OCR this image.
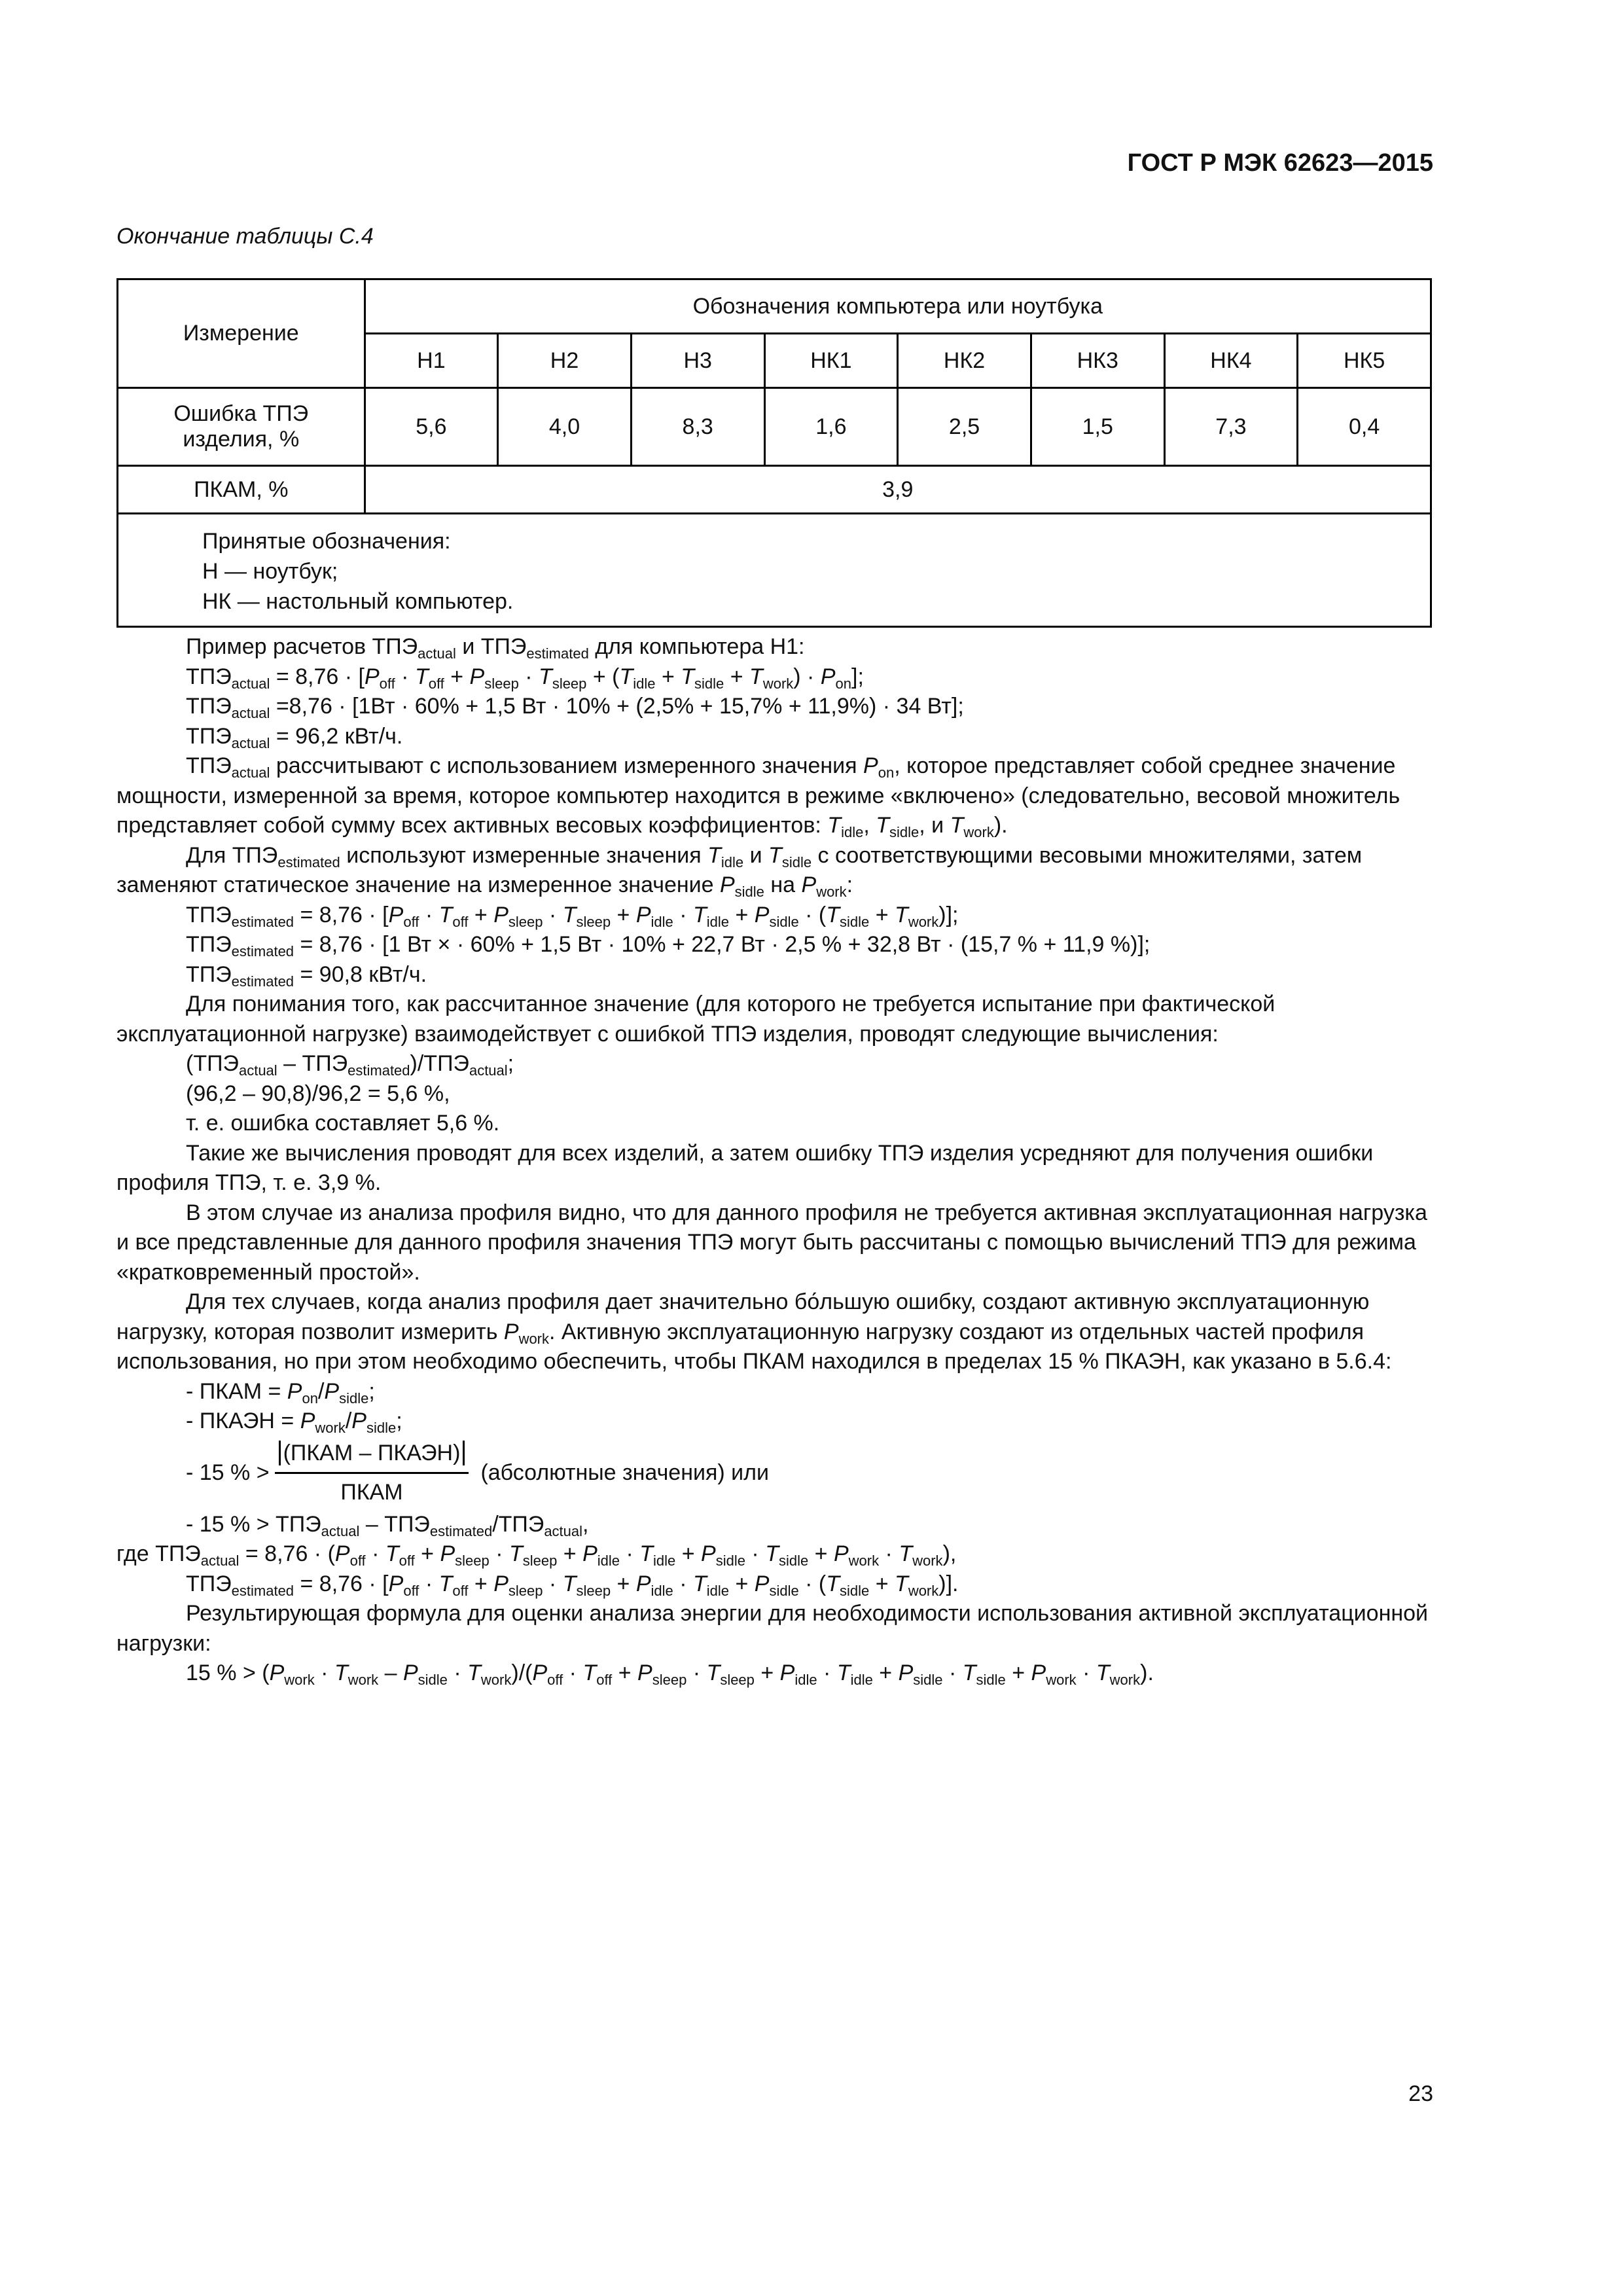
ГОСТ Р МЭК 62623—2015
Окончание таблицы С.4
Измерение	Обозначения компьютера или ноутбука							
	Н1	Н2	Н3	НК1	НК2	НК3	НК4	НК5
Ошибка ТПЭ
изделия, %	5,6	4,0	8,3	1,6	2,5	1,5	7,3	0,4
ПКАМ, %	3,9							

Принятые обозначения:
Н — ноутбук;
НК — настольный компьютер.								

Пример расчетов $ТПЭ_{actual}$ и $ТПЭ_{estimated}$ для компьютера Н1:

$ТПЭ_{actual} = 8,76 \cdot [P_{off} \cdot T_{off} + P_{sleep} \cdot T_{sleep} + (T_{idle} + T_{sidle} + T_{work}) \cdot P_{on}]$;

$ТПЭ_{actual} =8,76 \cdot [1Вт \cdot 60\% + 1,5$ Вт · 10% + (2,5% + 15,7% + 11,9%) · 34 Вт];

$ТПЭ_{actual} = 96,2$ кВт/ч.

$ТПЭ_{actual}$ рассчитывают с использованием измеренного значения $P_{on}$, которое представляет собой среднее значение мощности, измеренной за время, которое компьютер находится в режиме «включено» (следовательно, весовой множитель представляет собой сумму всех активных весовых коэффициентов: $T_{idle}$, $T_{sidle}$, и $T_{work}$).

Для $ТПЭ_{estimated}$ используют измеренные значения $T_{idle}$ и $T_{sidle}$ с соответствующими весовыми множителями, затем заменяют статическое значение на измеренное значение $P_{sidle}$ на $P_{work}$:

$ТПЭ_{estimated} = 8,76 \cdot [P_{off} \cdot T_{off} + P_{sleep} \cdot T_{sleep} + P_{idle} \cdot T_{idle} + P_{sidle} \cdot (T_{sidle} + T_{work})]$;

$ТПЭ_{estimated} = 8,76 \cdot [1$ Вт × · 60% + 1,5 Вт · 10% + 22,7 Вт · 2,5 % + 32,8 Вт · (15,7 % + 11,9 %)];

$ТПЭ_{estimated} = 90,8$ кВт/ч.

Для понимания того, как рассчитанное значение (для которого не требуется испытание при фактической эксплуатационной нагрузке) взаимодействует с ошибкой ТПЭ изделия, проводят следующие вычисления:

$(ТПЭ_{actual} - ТПЭ_{estimated})/ТПЭ_{actual}$;

(96,2 – 90,8)/96,2 = 5,6 %,

т. е. ошибка составляет 5,6 %.

Такие же вычисления проводят для всех изделий, а затем ошибку ТПЭ изделия усредняют для получения ошибки профиля ТПЭ, т. е. 3,9 %.

В этом случае из анализа профиля видно, что для данного профиля не требуется активная эксплуатационная нагрузка и все представленные для данного профиля значения ТПЭ могут быть рассчитаны с помощью вычислений ТПЭ для режима «кратковременный простой».

Для тех случаев, когда анализ профиля дает значительно бо́льшую ошибку, создают активную эксплуатационную нагрузку, которая позволит измерить $P_{work}$. Активную эксплуатационную нагрузку создают из отдельных частей профиля использования, но при этом необходимо обеспечить, чтобы ПКАМ находился в пределах 15 % ПКАЭН, как указано в 5.6.4:

- ПКАМ = $P_{on}/P_{sidle}$;

- ПКАЭН = $P_{work}/P_{sidle}$;

- 15 % > $\frac{\text{(ПКАМ – ПКАЭН)}}{\text{ПКАМ}}$ (абсолютные значения) или

- 15 % > $ТПЭ_{actual} - ТПЭ_{estimated}/ТПЭ_{actual}$,

где $ТПЭ_{actual} = 8,76 \cdot (P_{off} \cdot T_{off} + P_{sleep} \cdot T_{sleep} + P_{idle} \cdot T_{idle} + P_{sidle} \cdot T_{sidle} + P_{work} \cdot T_{work})$,

$ТПЭ_{estimated} = 8,76 \cdot [P_{off} \cdot T_{off} + P_{sleep} \cdot T_{sleep} + P_{idle} \cdot T_{idle} + P_{sidle} \cdot (T_{sidle} + T_{work})]$.

Результирующая формула для оценки анализа энергии для необходимости использования активной эксплуатационной нагрузки:

15 % > $(P_{work} \cdot T_{work} - P_{sidle} \cdot T_{work})/(P_{off} \cdot T_{off} + P_{sleep} \cdot T_{sleep} + P_{idle} \cdot T_{idle} + P_{sidle} \cdot T_{sidle} + P_{work} \cdot T_{work})$.

23
